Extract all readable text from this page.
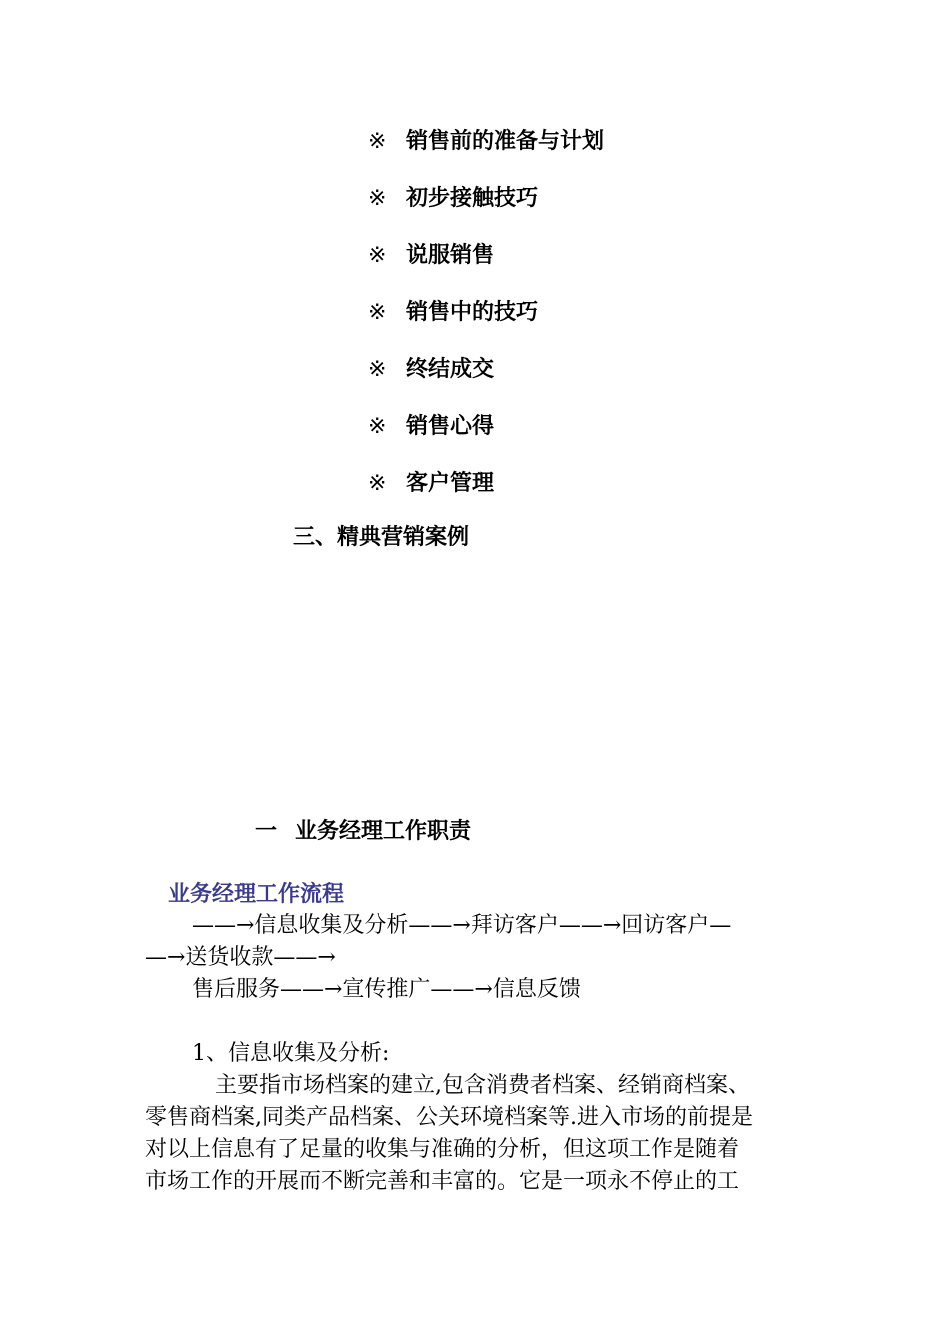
※ 销售前的准备与计划
※ 初步接触技巧
※ 说服销售
※ 销售中的技巧
※ 终结成交
※ 销售心得
※ 客户管理
三、精典营销案例
一 业务经理工作职责
业务经理工作流程
——→信息收集及分析——→拜访客户——→回访客户—
—→送货收款——→
售后服务——→宣传推广——→信息反馈
1、信息收集及分析:
主要指市场档案的建立,包含消费者档案、经销商档案、
零售商档案,同类产品档案、公关环境档案等.进入市场的前提是
对以上信息有了足量的收集与准确的分析，但这项工作是随着
市场工作的开展而不断完善和丰富的。它是一项永不停止的工
